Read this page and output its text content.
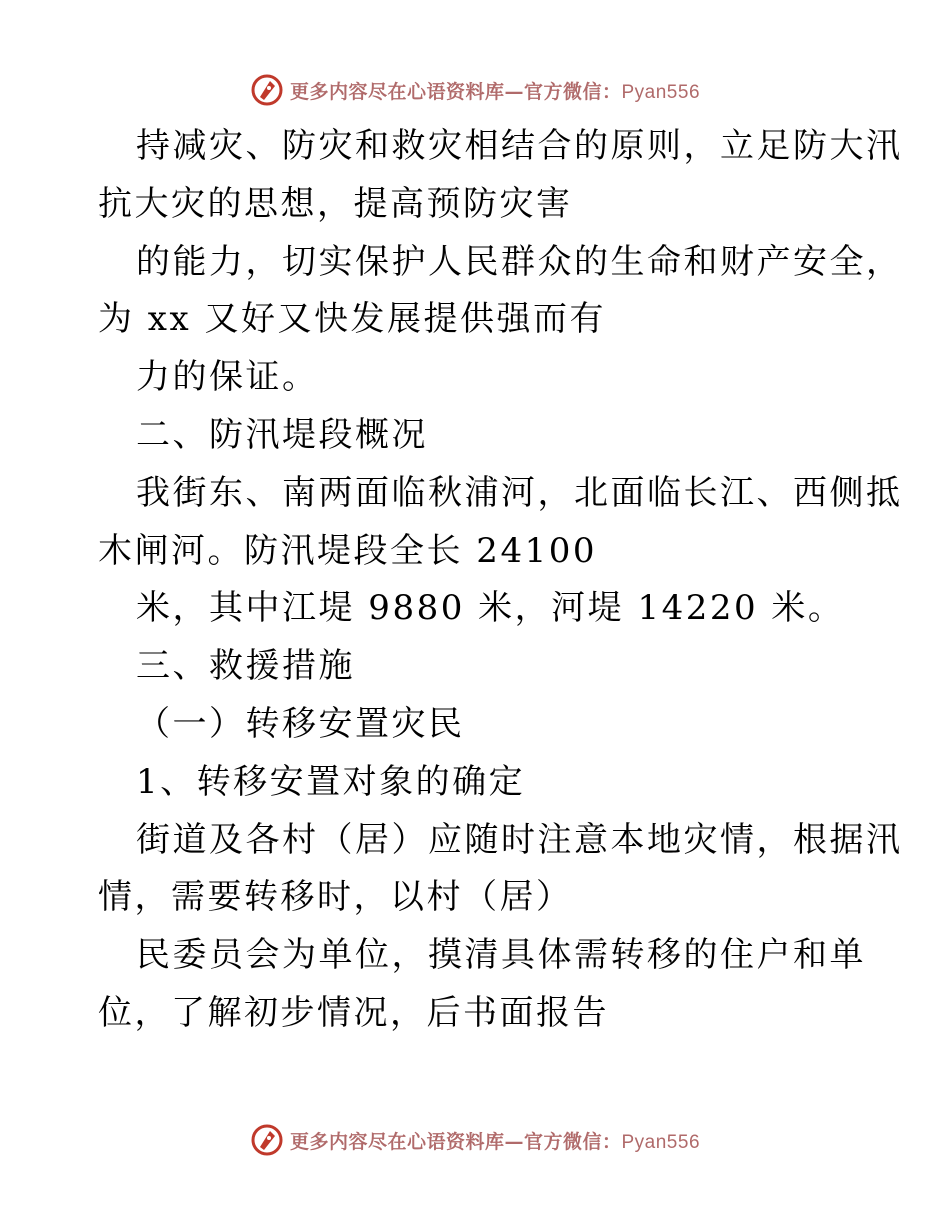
更多内容尽在心语资料库—官方微信：Pyan556
持减灾、防灾和救灾相结合的原则，立足防大汛
抗大灾的思想，提高预防灾害
的能力，切实保护人民群众的生命和财产安全，
为 xx 又好又快发展提供强而有
力的保证。
二、防汛堤段概况
我街东、南两面临秋浦河，北面临长江、西侧抵
木闸河。防汛堤段全长 24100
米，其中江堤 9880 米，河堤 14220 米。
三、救援措施
（一）转移安置灾民
1、转移安置对象的确定
街道及各村（居）应随时注意本地灾情，根据汛
情，需要转移时，以村（居）
民委员会为单位，摸清具体需转移的住户和单
位，了解初步情况，后书面报告
更多内容尽在心语资料库—官方微信：Pyan556
